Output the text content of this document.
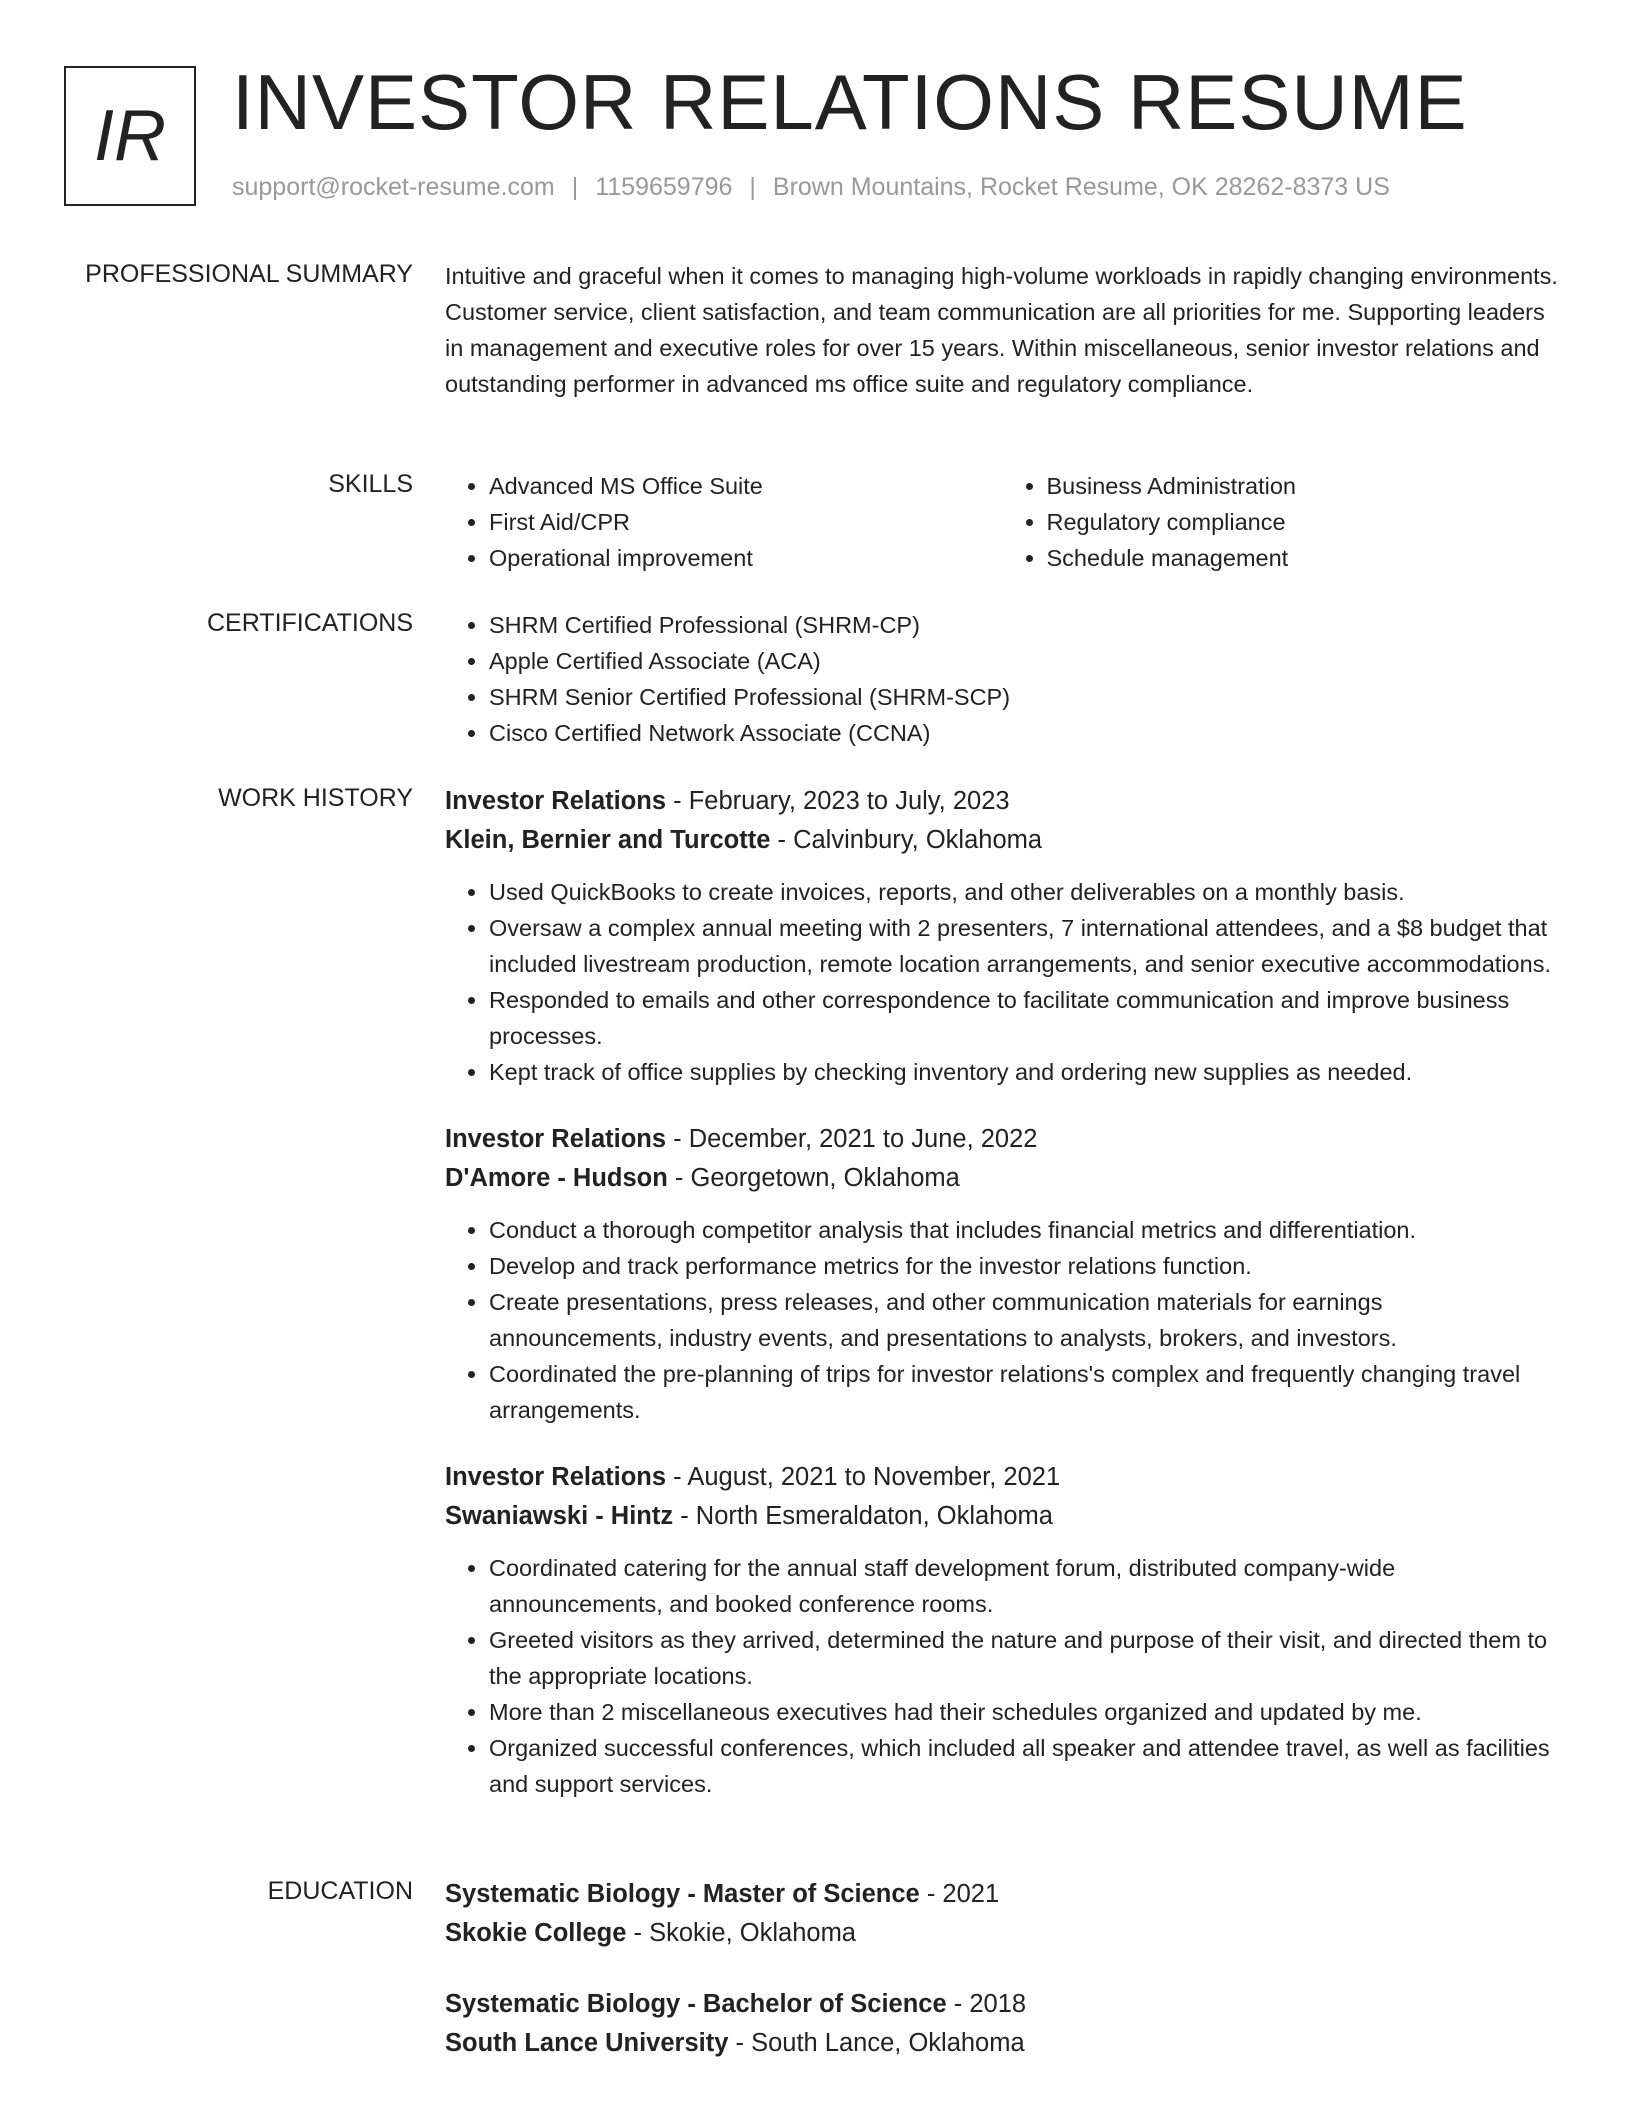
IR INVESTOR RELATIONS RESUME
support@rocket-resume.com | 1159659796 | Brown Mountains, Rocket Resume, OK 28262-8373 US
PROFESSIONAL SUMMARY Intuitive and graceful when it comes to managing high-volume workloads in rapidly changing environments. Customer service, client satisfaction, and team communication are all priorities for me. Supporting leaders in management and executive roles for over 15 years. Within miscellaneous, senior investor relations and outstanding performer in advanced ms office suite and regulatory compliance.
SKILLS	• Advanced MS Office Suite
• First Aid/CPR
• Operational improvement
• Business Administration
• Regulatory compliance
• Schedule management
CERTIFICATIONS	• SHRM Certified Professional (SHRM-CP)
• Apple Certified Associate (ACA)
• SHRM Senior Certified Professional (SHRM-SCP)
• Cisco Certified Network Associate (CCNA)
WORK HISTORY Investor Relations - February, 2023 to July, 2023
Klein, Bernier and Turcotte - Calvinbury, Oklahoma
• Used QuickBooks to create invoices, reports, and other deliverables on a monthly basis.
• Oversaw a complex annual meeting with 2 presenters, 7 international attendees, and a $8 budget that included livestream production, remote location arrangements, and senior executive accommodations.
• Responded to emails and other correspondence to facilitate communication and improve business processes.
• Kept track of office supplies by checking inventory and ordering new supplies as needed.
Investor Relations - December, 2021 to June, 2022
D'Amore - Hudson - Georgetown, Oklahoma
• Conduct a thorough competitor analysis that includes financial metrics and differentiation.
• Develop and track performance metrics for the investor relations function.
• Create presentations, press releases, and other communication materials for earnings announcements, industry events, and presentations to analysts, brokers, and investors.
• Coordinated the pre-planning of trips for investor relations's complex and frequently changing travel arrangements.
Investor Relations - August, 2021 to November, 2021
Swaniawski - Hintz - North Esmeraldaton, Oklahoma
• Coordinated catering for the annual staff development forum, distributed company-wide announcements, and booked conference rooms.
• Greeted visitors as they arrived, determined the nature and purpose of their visit, and directed them to the appropriate locations.
• More than 2 miscellaneous executives had their schedules organized and updated by me.
• Organized successful conferences, which included all speaker and attendee travel, as well as facilities and support services.
EDUCATION Systematic Biology - Master of Science - 2021
Skokie College - Skokie, Oklahoma
Systematic Biology - Bachelor of Science - 2018
South Lance University - South Lance, Oklahoma
